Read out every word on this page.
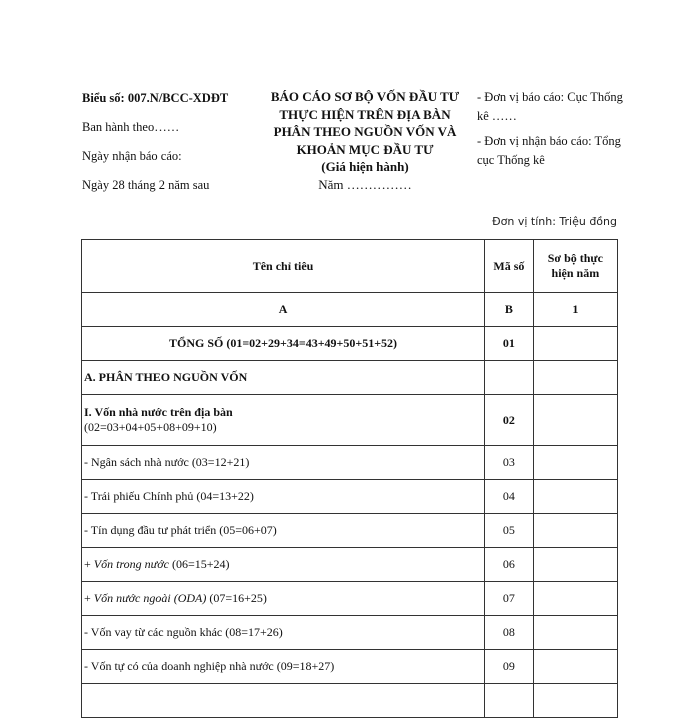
Biểu số: 007.N/BCC-XDĐT
Ban hành theo……
Ngày nhận báo cáo:
Ngày 28 tháng 2 năm sau
BÁO CÁO SƠ BỘ VỐN ĐẦU TƯ
THỰC HIỆN TRÊN ĐỊA BÀN
PHÂN THEO NGUỒN VỐN VÀ
KHOẢN MỤC ĐẦU TƯ
(Giá hiện hành)
Năm ……………

- Đơn vị báo cáo: Cục Thống kê ……

- Đơn vị nhận báo cáo: Tổng cục Thống kê

Đơn vị tính: Triệu đồng
Tên chỉ tiêu	Mã số	Sơ bộ thực hiện năm
A	B	1
TỔNG SỐ (01=02+29+34=43+49+50+51+52)	01	
A. PHÂN THEO NGUỒN VỐN		
I. Vốn nhà nước trên địa bàn
(02=03+04+05+08+09+10)	02	
- Ngân sách nhà nước (03=12+21)	03	
- Trái phiếu Chính phủ (04=13+22)	04	
- Tín dụng đầu tư phát triển (05=06+07)	05	
+ Vốn trong nước (06=15+24)	06	
+ Vốn nước ngoài (ODA) (07=16+25)	07	
- Vốn vay từ các nguồn khác (08=17+26)	08	
- Vốn tự có của doanh nghiệp nhà nước (09=18+27)	09	
